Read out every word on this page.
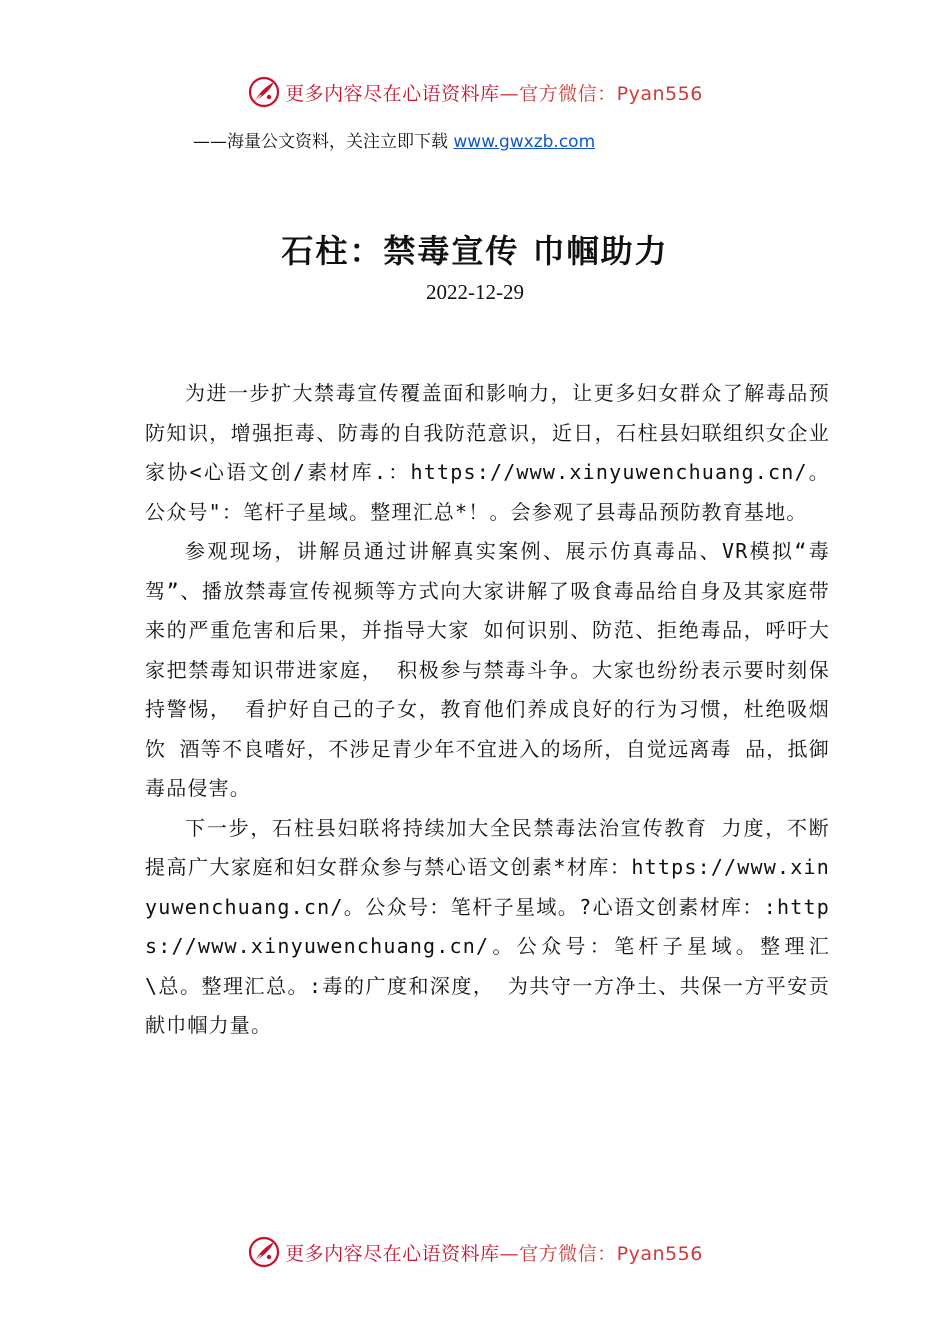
更多内容尽在心语资料库—官方微信：Pyan556
——海量公文资料，关注立即下载 www.gwxzb.com
石柱：禁毒宣传 巾帼助力
2022-12-29

为进一步扩大禁毒宣传覆盖面和影响力，让更多妇女群众了解毒品预防知识，增强拒毒、防毒的自我防范意识，近日，石柱县妇联组织女企业家协<心语文创/素材库.：https://www.xinyuwenchuang.cn/。公众号"：笔杆子星域。整理汇总*！。会参观了县毒品预防教育基地。

参观现场，讲解员通过讲解真实案例、展示仿真毒品、VR模拟“毒驾”、播放禁毒宣传视频等方式向大家讲解了吸食毒品给自身及其家庭带来的严重危害和后果，并指导大家 如何识别、防范、拒绝毒品，呼吁大家把禁毒知识带进家庭， 积极参与禁毒斗争。大家也纷纷表示要时刻保持警惕， 看护好自己的子女，教育他们养成良好的行为习惯，杜绝吸烟饮 酒等不良嗜好，不涉足青少年不宜进入的场所，自觉远离毒 品，抵御毒品侵害。

下一步，石柱县妇联将持续加大全民禁毒法治宣传教育 力度，不断提高广大家庭和妇女群众参与禁心语文创素*材库：https://www.xinyuwenchuang.cn/。公众号：笔杆子星域。?心语文创素材库：:https://www.xinyuwenchuang.cn/。公众号：笔杆子星域。整理汇\总。整理汇总。:毒的广度和深度， 为共守一方净土、共保一方平安贡献巾帼力量。

更多内容尽在心语资料库—官方微信：Pyan556
